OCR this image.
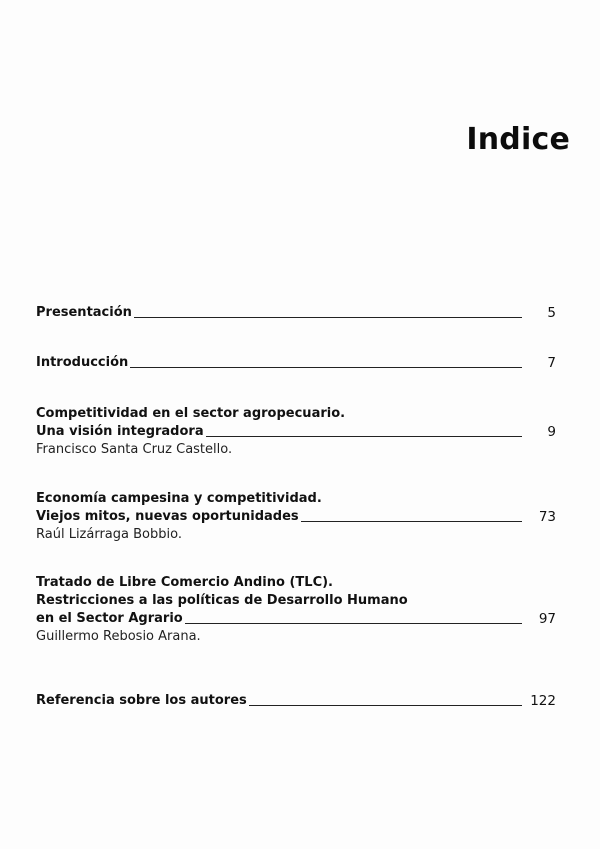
Indice
Presentación	5
Introducción	7
Competitividad en el sector agropecuario.
Una visión integradora	9
Francisco Santa Cruz Castello.
Economía campesina y competitividad.
Viejos mitos, nuevas oportunidades	73
Raúl Lizárraga Bobbio.
Tratado de Libre Comercio Andino (TLC).
Restricciones a las políticas de Desarrollo Humano
en el Sector Agrario	97
Guillermo Rebosio Arana.
Referencia sobre los autores	122
